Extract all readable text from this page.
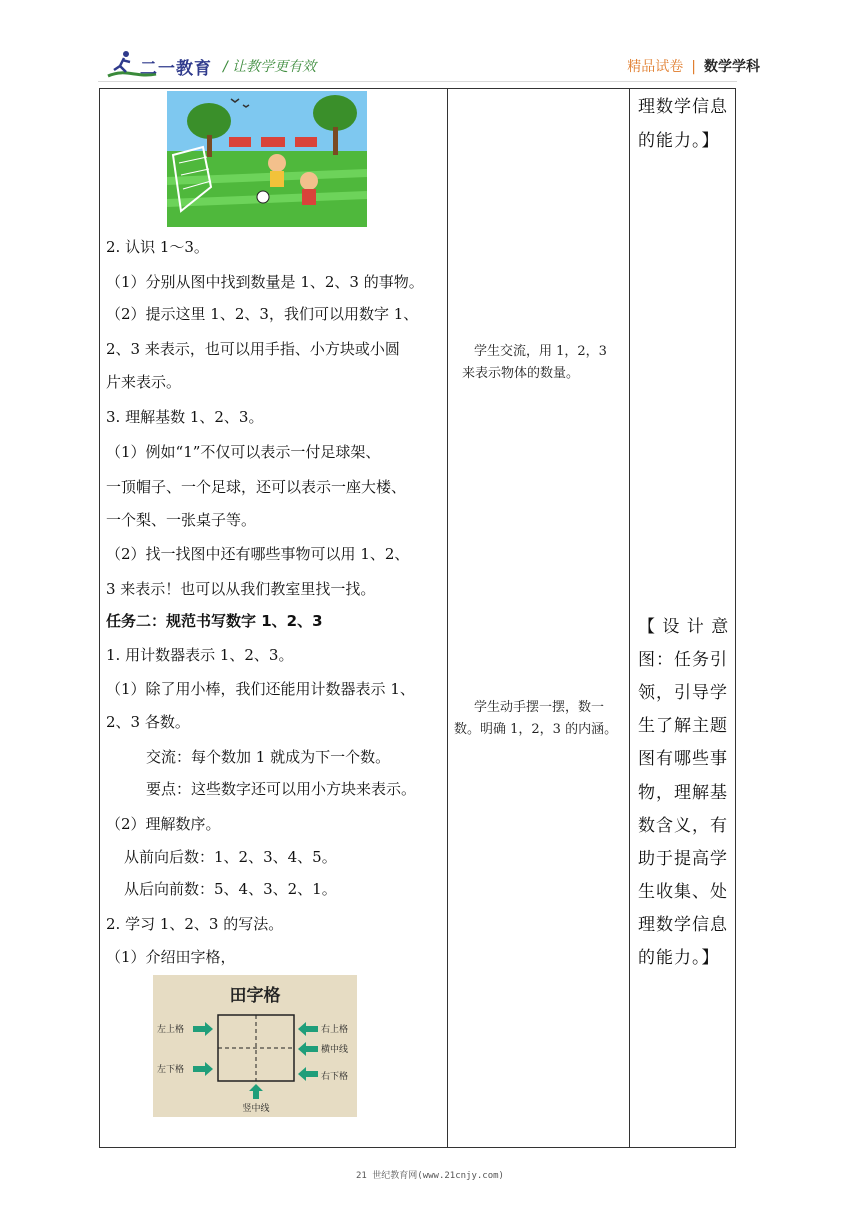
二一教育 / 让教学更有效	精品试卷 | 数学学科
2. 认识 1～3。
（1）分别从图中找到数量是 1、2、3 的事物。
（2）提示这里 1、2、3，我们可以用数字 1、
2、3 来表示，也可以用手指、小方块或小圆
片来表示。
3. 理解基数 1、2、3。
（1）例如“1”不仅可以表示一付足球架、
一顶帽子、一个足球，还可以表示一座大楼、
一个梨、一张桌子等。
（2）找一找图中还有哪些事物可以用 1、2、
3 来表示！也可以从我们教室里找一找。
任务二：规范书写数字 1、2、3
1. 用计数器表示 1、2、3。
（1）除了用小棒，我们还能用计数器表示 1、
2、3 各数。
交流：每个数加 1 就成为下一个数。
要点：这些数字还可以用小方块来表示。
（2）理解数序。
从前向后数：1、2、3、4、5。
从后向前数：5、4、3、2、1。
2. 学习 1、2、3 的写法。
（1）介绍田字格，
田字格
左上格
左下格
右上格
横中线
右下格
竖中线
学生交流，用 1，2，3
来表示物体的数量。
学生动手摆一摆，数一
数。明确 1，2，3 的内涵。
理数学信息
的能力。】
【 设 计 意
图：任务引
领，引导学
生了解主题
图有哪些事
物，理解基
数含义，有
助于提高学
生收集、处
理数学信息
的能力。】
21 世纪教育网(www.21cnjy.com)
